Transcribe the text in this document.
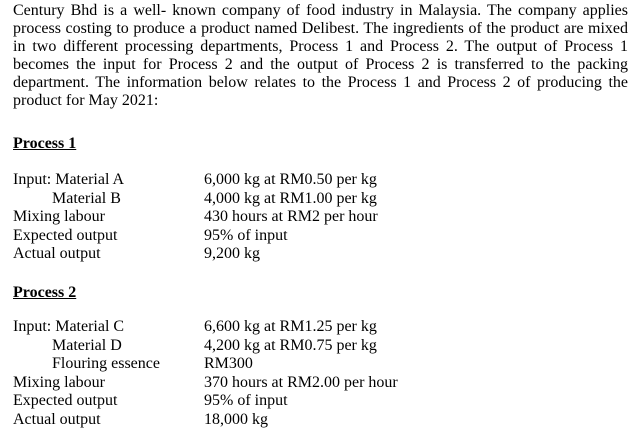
Century Bhd is a well- known company of food industry in Malaysia. The company applies process costing to produce a product named Delibest. The ingredients of the product are mixed in two different processing departments, Process 1 and Process 2. The output of Process 1 becomes the input for Process 2 and the output of Process 2 is transferred to the packing department. The information below relates to the Process 1 and Process 2 of producing the product for May 2021:

Process 1
Input: Material A	6,000 kg at RM0.50 per kg
Material B	4,000 kg at RM1.00 per kg
Mixing labour	430 hours at RM2 per hour
Expected output	95% of input
Actual output	9,200 kg
Process 2
Input: Material C	6,600 kg at RM1.25 per kg
Material D	4,200 kg at RM0.75 per kg
Flouring essence	RM300
Mixing labour	370 hours at RM2.00 per hour
Expected output	95% of input
Actual output	18,000 kg
